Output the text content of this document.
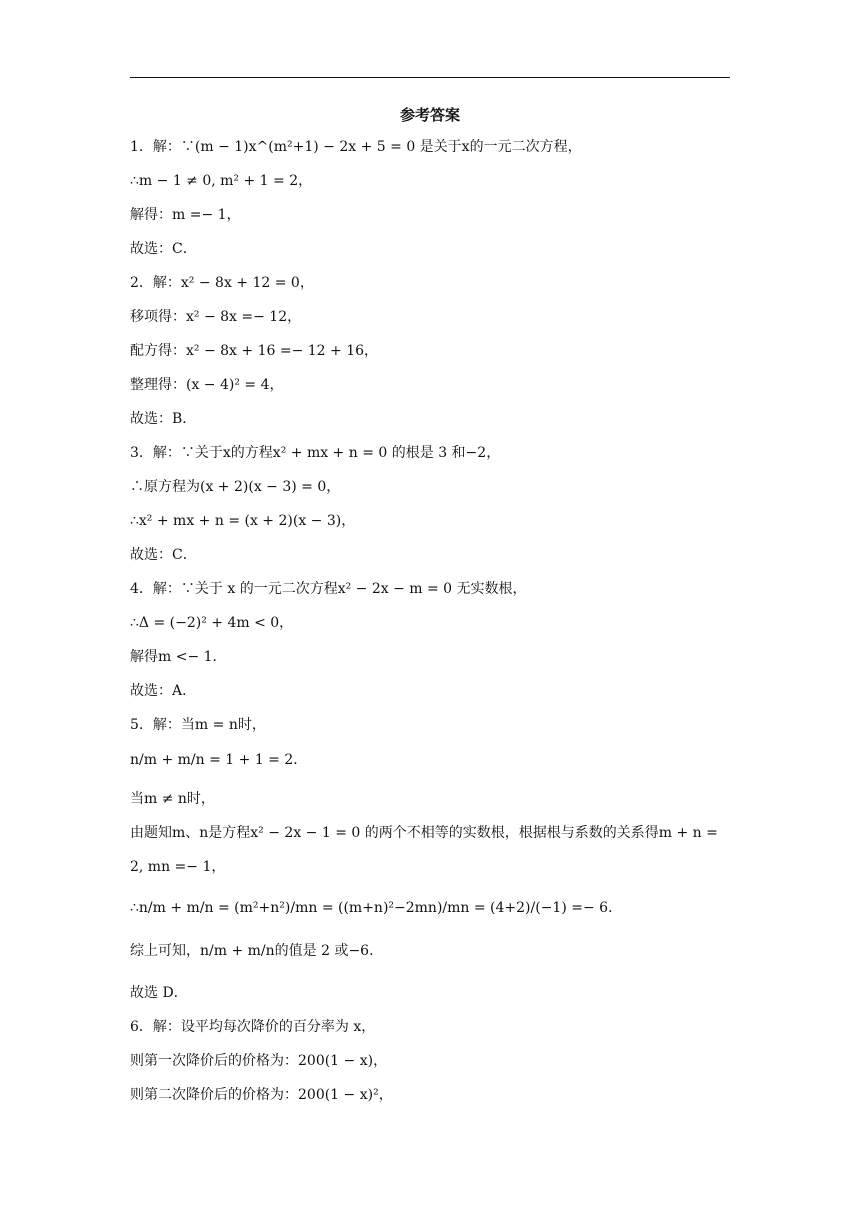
参考答案
1．解：∵(m − 1)x^(m²+1) − 2x + 5 = 0 是关于x的一元二次方程，
∴m − 1 ≠ 0, m² + 1 = 2，
解得：m =− 1，
故选：C．
2．解：x² − 8x + 12 = 0，
移项得：x² − 8x =− 12，
配方得：x² − 8x + 16 =− 12 + 16，
整理得：(x − 4)² = 4，
故选：B．
3．解：∵关于x的方程x² + mx + n = 0 的根是 3 和−2，
∴原方程为(x + 2)(x − 3) = 0，
∴x² + mx + n = (x + 2)(x − 3)，
故选：C．
4．解：∵关于 x 的一元二次方程x² − 2x − m = 0 无实数根，
∴Δ = (−2)² + 4m < 0，
解得m <− 1．
故选：A．
5．解：当m = n时，
n/m + m/n = 1 + 1 = 2．
当m ≠ n时，
由题知m、n是方程x² − 2x − 1 = 0 的两个不相等的实数根，根据根与系数的关系得m + n =
2, mn =− 1，
∴n/m + m/n = (m²+n²)/mn = ((m+n)²−2mn)/mn = (4+2)/(−1) =− 6．
综上可知，n/m + m/n的值是 2 或−6．
故选 D．
6．解：设平均每次降价的百分率为 x，
则第一次降价后的价格为：200(1 − x)，
则第二次降价后的价格为：200(1 − x)²，
